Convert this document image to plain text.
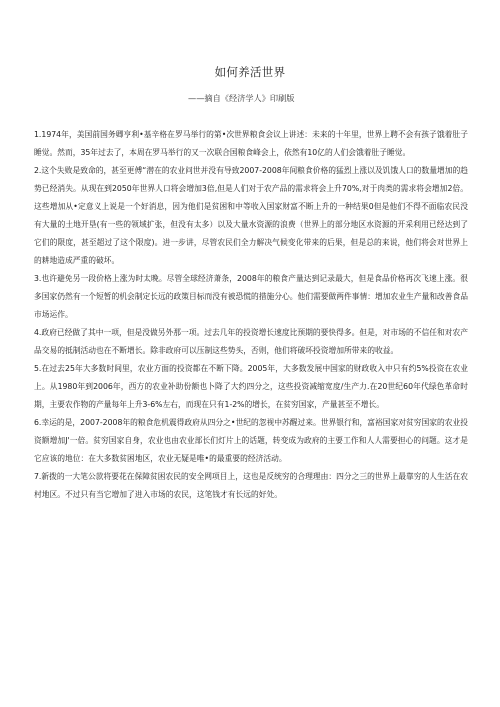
如何养活世界
——摘自《经济学人》印刷版

1.1974年，美国前国务卿亨利•基辛格在罗马举行的第•次世界粮食会议上讲述：未来的十年里，世界上聘不会有孩子饿着肚子睡觉。然而，35年过去了，本周在罗马举行的又一次联合国粮食峰会上，依然有10亿的人们会饿着肚子睡觉。

2.这个失败是致命的，甚至更傅“潜在的农业问世并没有导致2007-2008年间粮食价格的猛烈上涨以及饥饿人口的数量增加的趋势已经消失。从现在到2050年世界人口将会增加3倍,但是人们对于农产品的需求将会上升70%,对于肉类的需求将会增加2倍。这些增加从•定意义上说是一个好消息，因为他们是贫困和中等收入国家财富不断上升的一种结果0但是他们不得不面临农民没有大量的土地开垦(有一些的领域扩张，但没有太多）以及大量水资源的浪费（世界上的部分地区水资源的开采利用已经达到了它们的限度，甚至超过了这个限度)。进一步讲，尽管农民们全力解决气候变化带来的后果，但是总的来说，他们将会对世界上的耕地造成严重的破坏。

3.也许避免另一段价格上涨为时太晚。尽管全球经济萧条，2008年的粮食产量达到记录最大，但是食品价格再次飞速上涨。很多国家仍然有一个短暂的机会制定长远的政策目标而没有被恐慌的措施分心。他们需要做两件事情：增加农业生产量和改善食品市场运作。

4.政府已经做了其中一项，但是没做另外那一项。过去几年的投资增长速度比预期的要快得多。但是，对市场的不信任和对农产品交易的抵制活动也在不断增长。除非政府可以压制这些势头，否则，他们将破坏投资增加所带来的收益。

5.在过去25年大多数时间里，农业方面的投资都在不断下降。2005年，大多数发展中国家的财政收入中只有约5%投资在农业上。从1980年到2006年，西方的农业补助份额也卜降了大约四分之，这些投资减缩宽度/生产力.在20世纪60年代绿色革命时期，主要农作物的产量每年上升3-6%左右，而现在只有1-2%的增长，在贫穷国家，产量甚至不增长。

6.幸运的是，2007-2008年的粮食危机震得政府从四分之•世纪的忽视中苏醒过来。世界银行和，富裕国家对贫穷国家的农业投资额增加J'一倍。贫穷国家自身，农业也由农业部长们灯片上的话题，转变成为政府的主要工作和人人需要担心的问题。这才是它应该的地位：在大多数贫困地区，农业无疑是唯•的最重要的经济活动。

7.新拨的一大笔公款将要花在保障贫困农民的安全网项目上，这也是反统穷的合理理由：四分之三的世界上最靠穷的人生活在农村地区。不过只有当它增加了进入市场的农民，这笔钱才有长远的好处。
